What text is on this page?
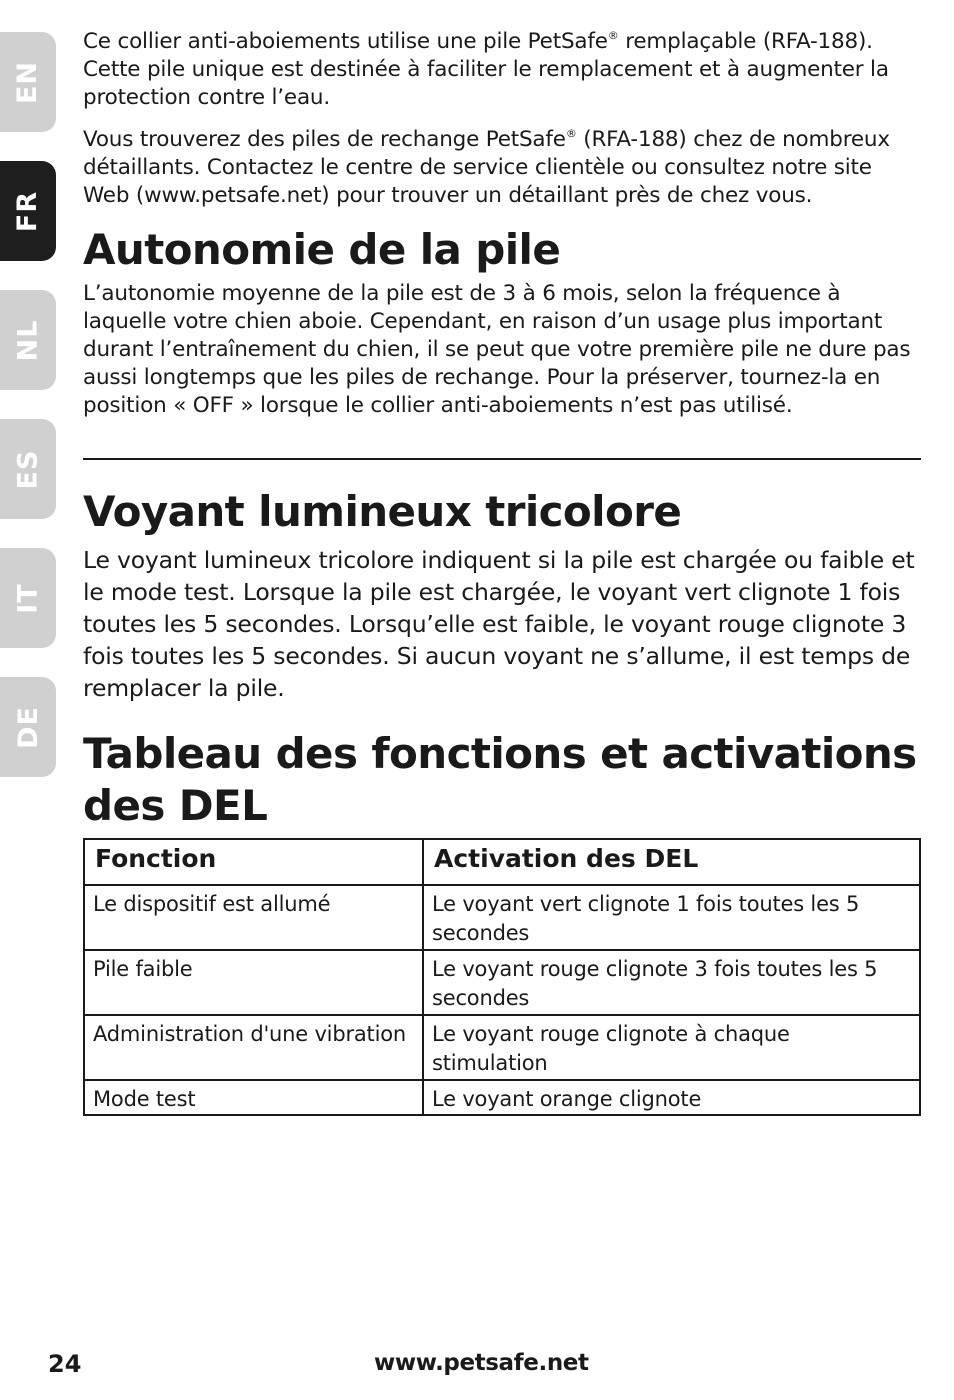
EN
FR
NL
ES
IT
DE

Ce collier anti-aboiements utilise une pile PetSafe® remplaçable (RFA-188). Cette pile unique est destinée à faciliter le remplacement et à augmenter la protection contre l’eau.

Vous trouverez des piles de rechange PetSafe® (RFA-188) chez de nombreux détaillants. Contactez le centre de service clientèle ou consultez notre site Web (www.petsafe.net) pour trouver un détaillant près de chez vous.

Autonomie de la pile

L’autonomie moyenne de la pile est de 3 à 6 mois, selon la fréquence à laquelle votre chien aboie. Cependant, en raison d’un usage plus important durant l’entraînement du chien, il se peut que votre première pile ne dure pas aussi longtemps que les piles de rechange. Pour la préserver, tournez-la en position « OFF » lorsque le collier anti-aboiements n’est pas utilisé.

Voyant lumineux tricolore

Le voyant lumineux tricolore indiquent si la pile est chargée ou faible et le mode test. Lorsque la pile est chargée, le voyant vert clignote 1 fois toutes les 5 secondes. Lorsqu’elle est faible, le voyant rouge clignote 3 fois toutes les 5 secondes. Si aucun voyant ne s’allume, il est temps de remplacer la pile.

Tableau des fonctions et activations des DEL
Fonction	Activation des DEL
Le dispositif est allumé	Le voyant vert clignote 1 fois toutes les 5 secondes
Pile faible	Le voyant rouge clignote 3 fois toutes les 5 secondes
Administration d'une vibration	Le voyant rouge clignote à chaque stimulation
Mode test	Le voyant orange clignote
24	www.petsafe.net
